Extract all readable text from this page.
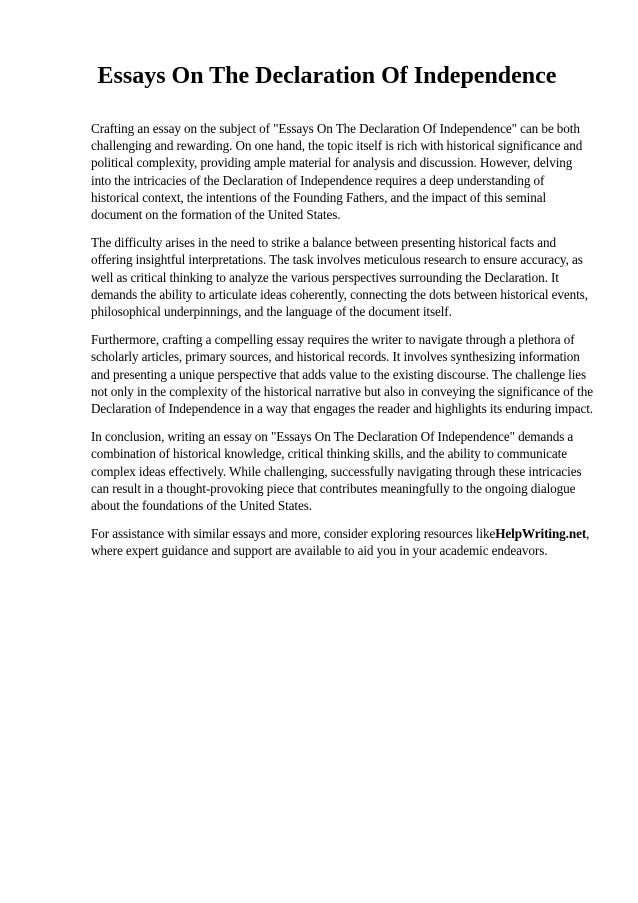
Essays On The Declaration Of Independence

Crafting an essay on the subject of "Essays On The Declaration Of Independence" can be both challenging and rewarding. On one hand, the topic itself is rich with historical significance and political complexity, providing ample material for analysis and discussion. However, delving into the intricacies of the Declaration of Independence requires a deep understanding of historical context, the intentions of the Founding Fathers, and the impact of this seminal document on the formation of the United States.

The difficulty arises in the need to strike a balance between presenting historical facts and offering insightful interpretations. The task involves meticulous research to ensure accuracy, as well as critical thinking to analyze the various perspectives surrounding the Declaration. It demands the ability to articulate ideas coherently, connecting the dots between historical events, philosophical underpinnings, and the language of the document itself.

Furthermore, crafting a compelling essay requires the writer to navigate through a plethora of scholarly articles, primary sources, and historical records. It involves synthesizing information and presenting a unique perspective that adds value to the existing discourse. The challenge lies not only in the complexity of the historical narrative but also in conveying the significance of the Declaration of Independence in a way that engages the reader and highlights its enduring impact.

In conclusion, writing an essay on "Essays On The Declaration Of Independence" demands a combination of historical knowledge, critical thinking skills, and the ability to communicate complex ideas effectively. While challenging, successfully navigating through these intricacies can result in a thought-provoking piece that contributes meaningfully to the ongoing dialogue about the foundations of the United States.

For assistance with similar essays and more, consider exploring resources likeHelpWriting.net, where expert guidance and support are available to aid you in your academic endeavors.
